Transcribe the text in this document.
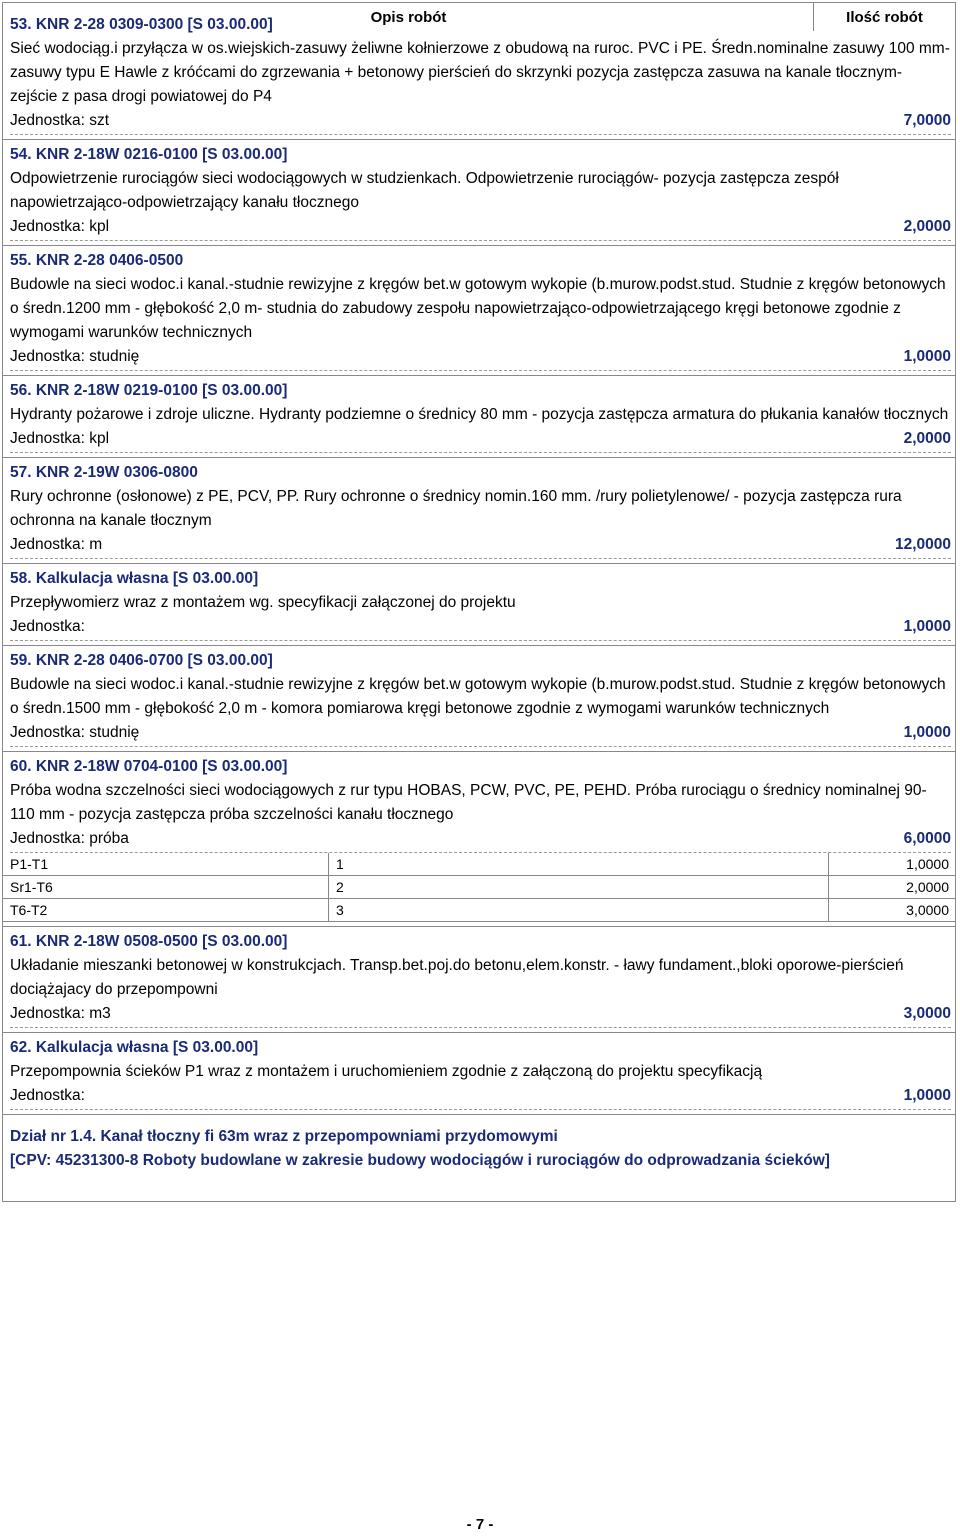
Opis robót	Ilość robót
53. KNR 2-28 0309-0300 [S 03.00.00]
Sieć wodociąg.i przyłącza w os.wiejskich-zasuwy żeliwne kołnierzowe z obudową na ruroc. PVC i PE. Średn.nominalne zasuwy 100 mm-zasuwy typu E Hawle z króćcami do zgrzewania + betonowy pierścień do skrzynki pozycja zastępcza zasuwa na kanale tłocznym- zejście z pasa drogi powiatowej do P4
Jednostka: szt	7,0000
54. KNR 2-18W 0216-0100 [S 03.00.00]
Odpowietrzenie rurociągów sieci wodociągowych w studzienkach. Odpowietrzenie rurociągów- pozycja zastępcza zespół napowietrzająco-odpowietrzający kanału tłocznego
Jednostka: kpl	2,0000
55. KNR 2-28 0406-0500
Budowle na sieci wodoc.i kanal.-studnie rewizyjne z kręgów bet.w gotowym wykopie (b.murow.podst.stud. Studnie z kręgów betonowych o średn.1200 mm - głębokość 2,0 m- studnia do zabudowy zespołu napowietrzająco-odpowietrzającego kręgi betonowe zgodnie z wymogami warunków technicznych
Jednostka: studnię	1,0000
56. KNR 2-18W 0219-0100 [S 03.00.00]
Hydranty pożarowe i zdroje uliczne. Hydranty podziemne o średnicy 80 mm - pozycja zastępcza armatura do płukania kanałów tłocznych
Jednostka: kpl	2,0000
57. KNR 2-19W 0306-0800
Rury ochronne (osłonowe) z PE, PCV, PP. Rury ochronne o średnicy nomin.160 mm. /rury polietylenowe/ - pozycja zastępcza rura ochronna na kanale tłocznym
Jednostka: m	12,0000
58. Kalkulacja własna [S 03.00.00]
Przepływomierz wraz z montażem wg. specyfikacji załączonej do projektu
Jednostka:	1,0000
59. KNR 2-28 0406-0700 [S 03.00.00]
Budowle na sieci wodoc.i kanal.-studnie rewizyjne z kręgów bet.w gotowym wykopie (b.murow.podst.stud. Studnie z kręgów betonowych o średn.1500 mm - głębokość 2,0 m - komora pomiarowa kręgi betonowe zgodnie z wymogami warunków technicznych
Jednostka: studnię	1,0000
60. KNR 2-18W 0704-0100 [S 03.00.00]
Próba wodna szczelności sieci wodociągowych z rur typu HOBAS, PCW, PVC, PE, PEHD. Próba rurociągu o średnicy nominalnej 90-110 mm - pozycja zastępcza próba szczelności kanału tłocznego
Jednostka: próba	6,0000
P1-T1	1	1,0000
Sr1-T6	2	2,0000
T6-T2	3	3,0000
61. KNR 2-18W 0508-0500 [S 03.00.00]
Układanie mieszanki betonowej w konstrukcjach. Transp.bet.poj.do betonu,elem.konstr. - ławy fundament.,bloki oporowe-pierścień dociążajacy do przepompowni
Jednostka: m3	3,0000
62. Kalkulacja własna [S 03.00.00]
Przepompownia ścieków P1 wraz z montażem i uruchomieniem zgodnie z załączoną do projektu specyfikacją
Jednostka:	1,0000
Dział nr 1.4. Kanał tłoczny fi 63m wraz z przepompowniami przydomowymi
[CPV: 45231300-8 Roboty budowlane w zakresie budowy wodociągów i rurociągów do odprowadzania ścieków]
- 7 -
